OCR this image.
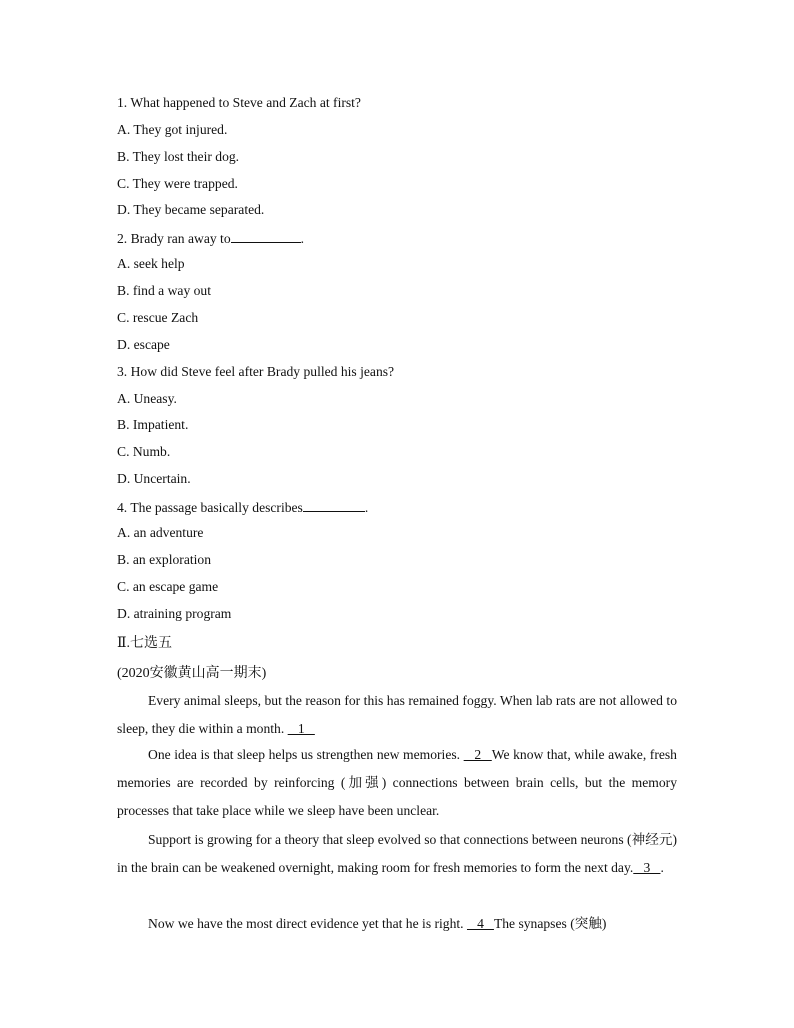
1. What happened to Steve and Zach at first?
A. They got injured.
B. They lost their dog.
C. They were trapped.
D. They became separated.
2. Brady ran away to	.
A. seek help
B. find a way out
C. rescue Zach
D. escape
3. How did Steve feel after Brady pulled his jeans?
A. Uneasy.
B. Impatient.
C. Numb.
D. Uncertain.
4. The passage basically describes	.
A. an adventure
B. an exploration
C. an escape game
D. atraining program
Ⅱ.七选五
(2020安徽黄山高一期末)
Every animal sleeps, but the reason for this has remained foggy. When lab rats are not allowed to sleep, they die within a month.    1
One idea is that sleep helps us strengthen new memories.    2   We know that, while awake, fresh memories are recorded by reinforcing (加强) connections between brain cells, but the memory processes that take place while we sleep have been unclear.
Support is growing for a theory that sleep evolved so that connections between neurons (神经元) in the brain can be weakened overnight, making room for fresh memories to form the next day.   3   .
Now we have the most direct evidence yet that he is right.    4   The synapses (突触)
